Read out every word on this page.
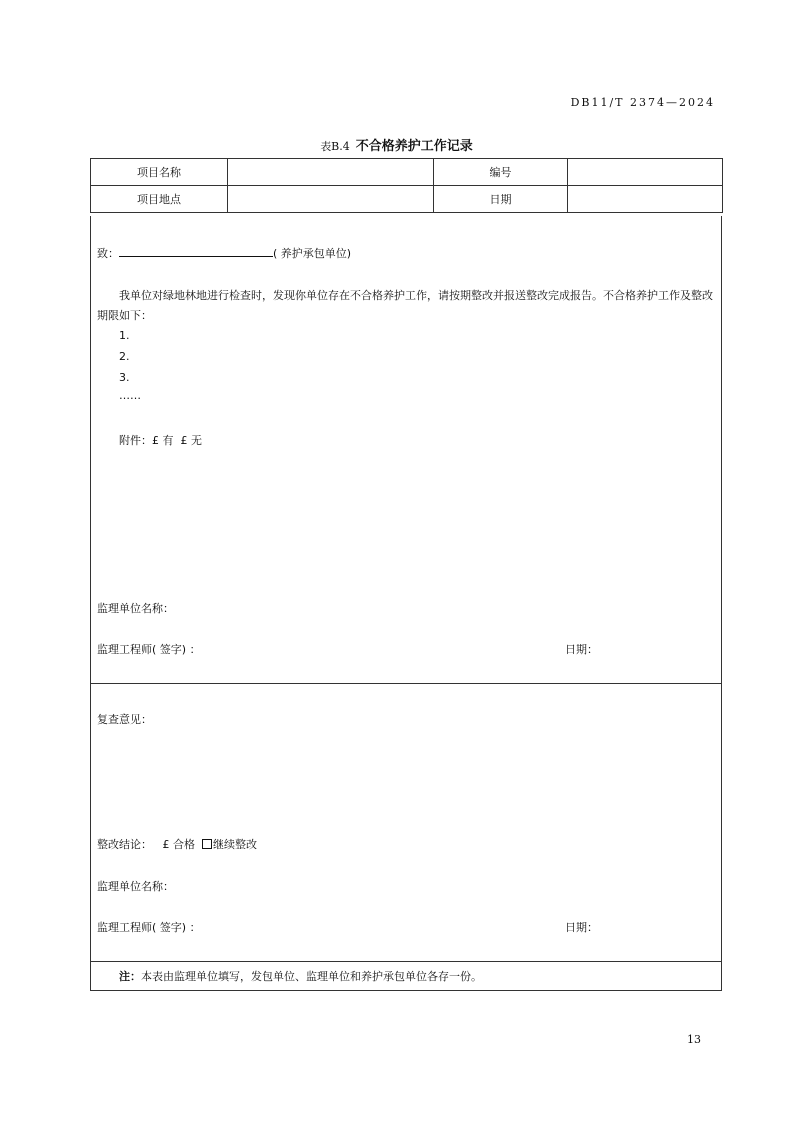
DB11/T 2374—2024
表B.4 不合格养护工作记录
项目名称		编号	
项目地点		日期	
致：	( 养护承包单位)
我单位对绿地林地进行检查时，发现你单位存在不合格养护工作，请按期整改并报送整改完成报告。不合格养护工作及整改期限如下：
1.
2.
3.
……
附件：£ 有 £ 无
监理单位名称：
监理工程师( 签字) ：	日期：
复查意见：
整改结论： £ 合格 继续整改
监理单位名称：
监理工程师( 签字) ：	日期：
注：本表由监理单位填写，发包单位、监理单位和养护承包单位各存一份。
13
